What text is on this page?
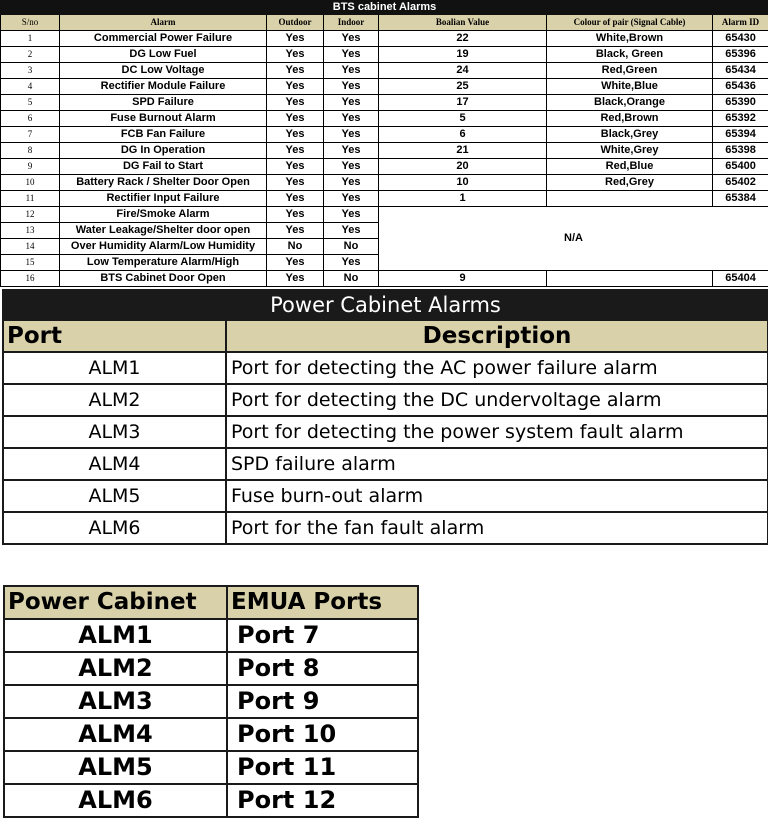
BTS cabinet Alarms						
S/no	Alarm	Outdoor	Indoor	Boalian Value	Colour of pair (Signal Cable)	Alarm ID
1	Commercial Power Failure	Yes	Yes	22	White,Brown	65430
2	DG Low Fuel	Yes	Yes	19	Black, Green	65396
3	DC Low Voltage	Yes	Yes	24	Red,Green	65434
4	Rectifier Module Failure	Yes	Yes	25	White,Blue	65436
5	SPD Failure	Yes	Yes	17	Black,Orange	65390
6	Fuse Burnout Alarm	Yes	Yes	5	Red,Brown	65392
7	FCB Fan Failure	Yes	Yes	6	Black,Grey	65394
8	DG In Operation	Yes	Yes	21	White,Grey	65398
9	DG Fail to Start	Yes	Yes	20	Red,Blue	65400
10	Battery Rack / Shelter Door Open	Yes	Yes	10	Red,Grey	65402
11	Rectifier Input Failure	Yes	Yes	1		65384
12	Fire/Smoke Alarm	Yes	Yes	N/A		
13	Water Leakage/Shelter door open	Yes	Yes			
14	Over Humidity Alarm/Low Humidity	No	No			
15	Low Temperature Alarm/High	Yes	Yes			
16	BTS Cabinet Door Open	Yes	No	9		65404
Power Cabinet Alarms	
Port	Description
ALM1	Port for detecting the AC power failure alarm
ALM2	Port for detecting the DC undervoltage alarm
ALM3	Port for detecting the power system fault alarm
ALM4	SPD failure alarm
ALM5	Fuse burn-out alarm
ALM6	Port for the fan fault alarm
Power Cabinet	EMUA Ports
ALM1	Port 7
ALM2	Port 8
ALM3	Port 9
ALM4	Port 10
ALM5	Port 11
ALM6	Port 12
